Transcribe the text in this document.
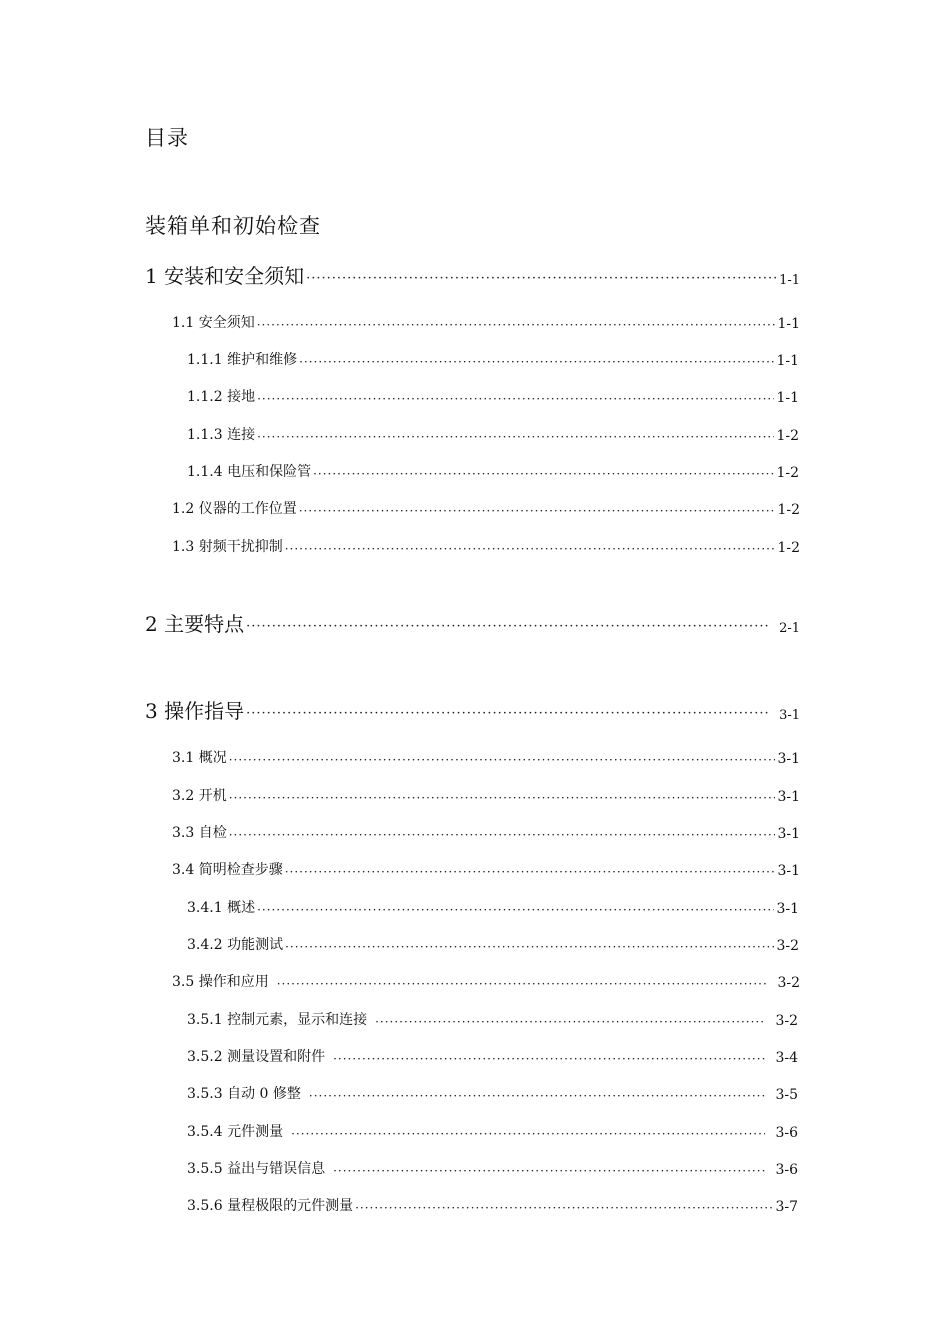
目录
装箱单和初始检查
1 安装和安全须知 ·····	1-1
1.1 安全须知 ·····	1-1
1.1.1 维护和维修 ·····	1-1
1.1.2 接地 ·····	1-1
1.1.3 连接 ·····	1-2
1.1.4 电压和保险管 ·····	1-2
1.2 仪器的工作位置 ·····	1-2
1.3 射频干扰抑制 ·····	1-2
2 主要特点 ·····	2-1
3 操作指导 ·····	3-1
3.1 概况 ·····	3-1
3.2 开机 ·····	3-1
3.3 自检 ·····	3-1
3.4 简明检查步骤 ·····	3-1
3.4.1 概述 ·····	3-1
3.4.2 功能测试 ·····	3-2
3.5 操作和应用 ·····	3-2
3.5.1 控制元素，显示和连接 ·····	3-2
3.5.2 测量设置和附件 ·····	3-4
3.5.3 自动 0 修整 ·····	3-5
3.5.4 元件测量 ·····	3-6
3.5.5 益出与错误信息 ·····	3-6
3.5.6 量程极限的元件测量 ·····	3-7
